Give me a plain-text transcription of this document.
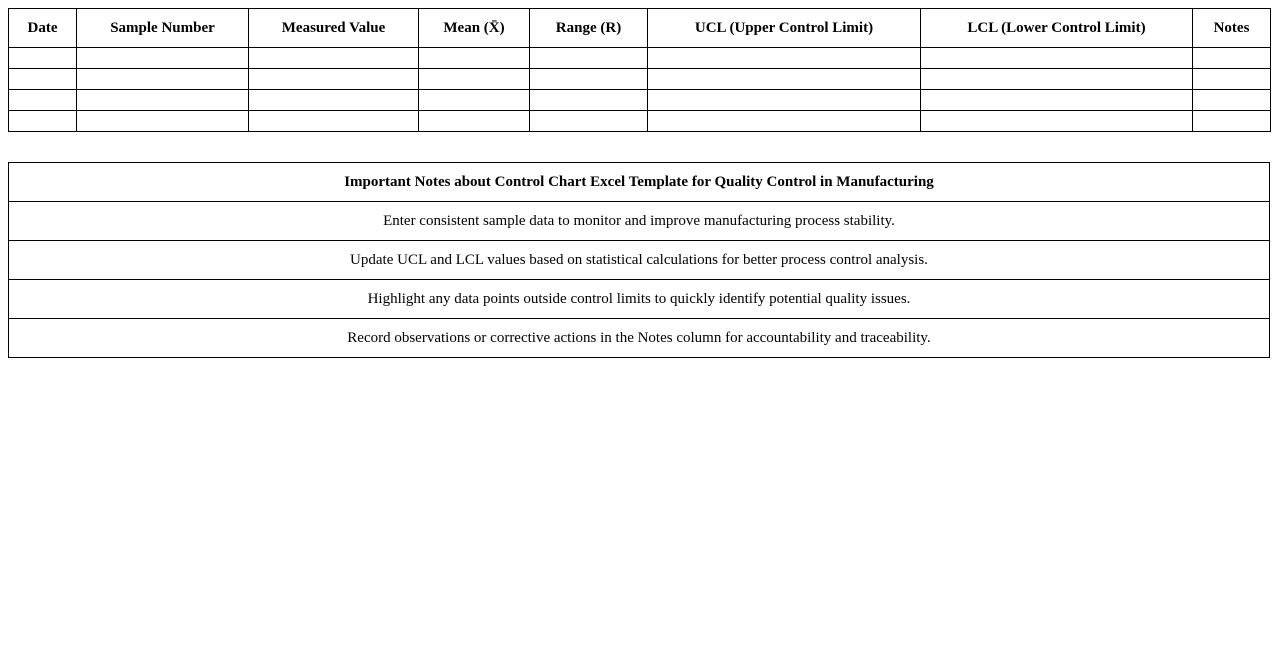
Date	Sample Number	Measured Value	Mean (X̄)	Range (R)	UCL (Upper Control Limit)	LCL (Lower Control Limit)	Notes

Important Notes about Control Chart Excel Template for Quality Control in Manufacturing
Enter consistent sample data to monitor and improve manufacturing process stability.
Update UCL and LCL values based on statistical calculations for better process control analysis.
Highlight any data points outside control limits to quickly identify potential quality issues.
Record observations or corrective actions in the Notes column for accountability and traceability.
